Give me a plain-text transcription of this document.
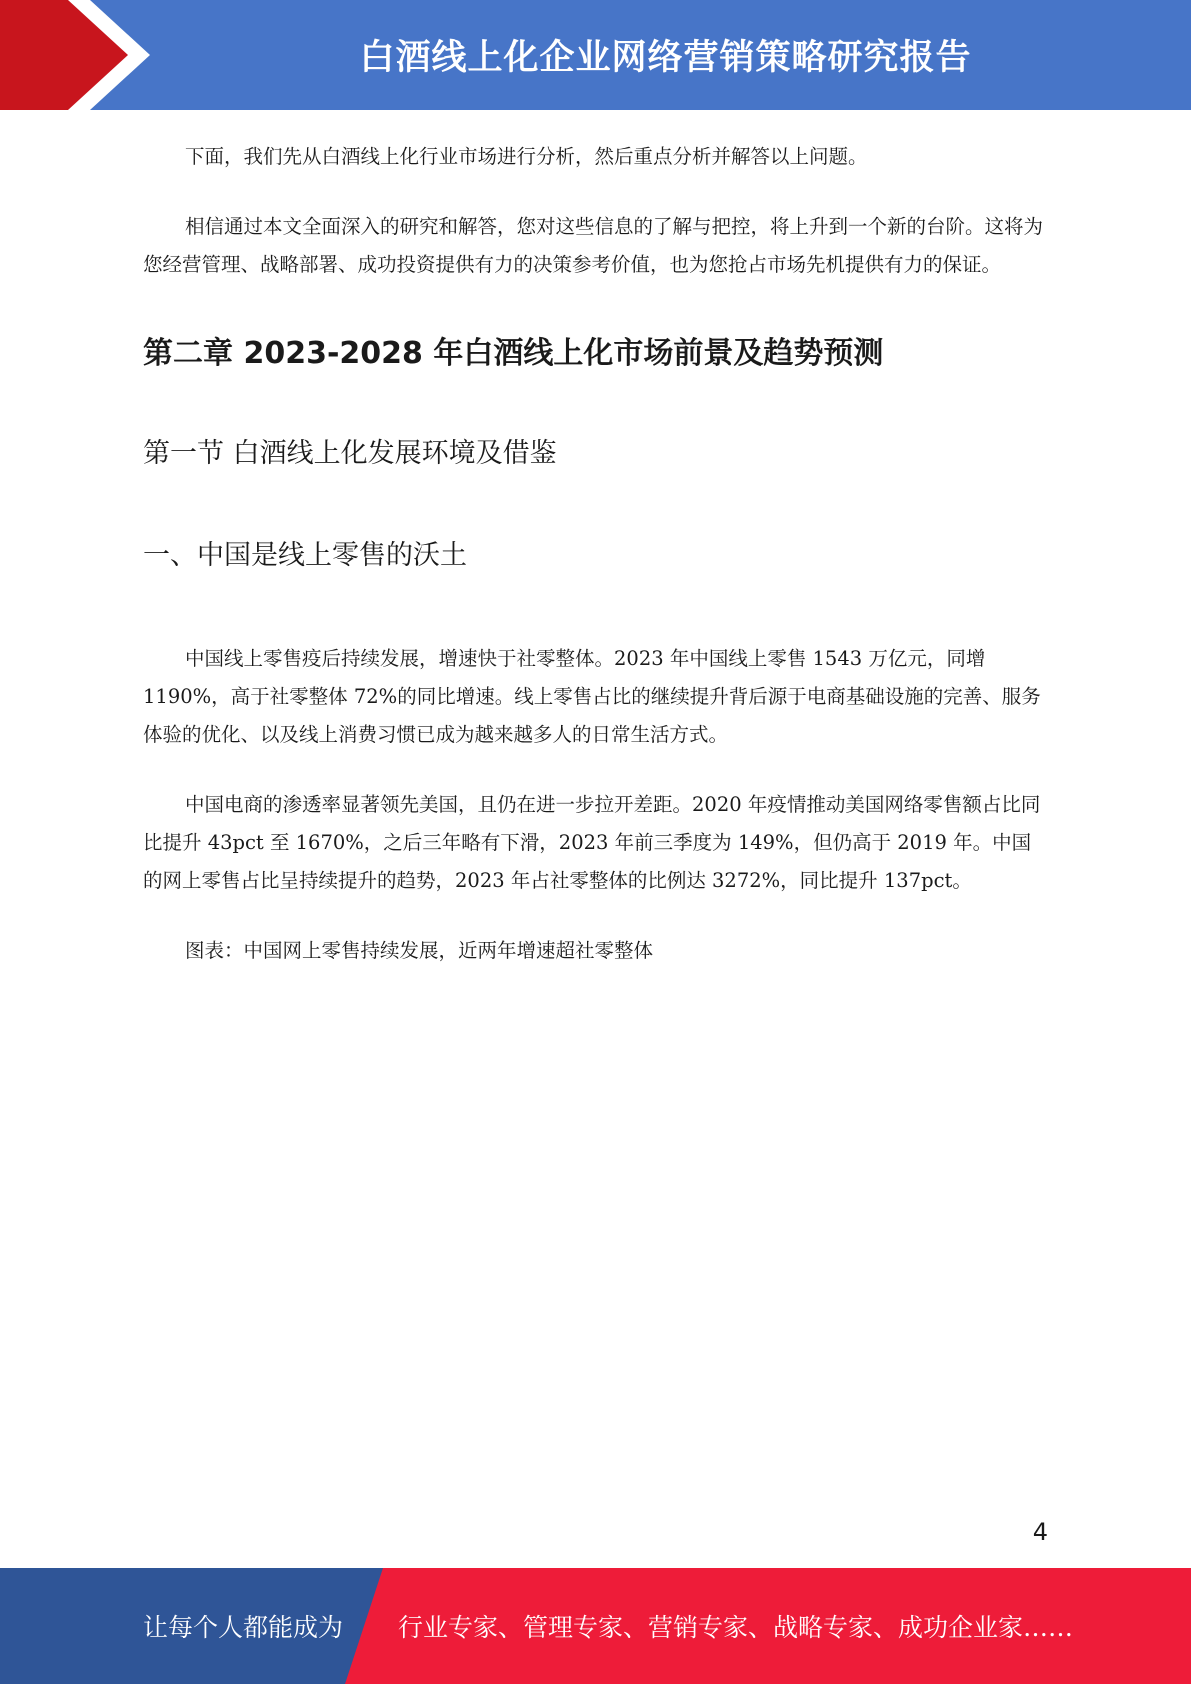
白酒线上化企业网络营销策略研究报告

下面，我们先从白酒线上化行业市场进行分析，然后重点分析并解答以上问题。

相信通过本文全面深入的研究和解答，您对这些信息的了解与把控，将上升到一个新的台阶。这将为您经营管理、战略部署、成功投资提供有力的决策参考价值，也为您抢占市场先机提供有力的保证。

第二章 2023-2028 年白酒线上化市场前景及趋势预测
第一节 白酒线上化发展环境及借鉴
一、中国是线上零售的沃土

中国线上零售疫后持续发展，增速快于社零整体。2023 年中国线上零售 1543 万亿元，同增 1190%，高于社零整体 72%的同比增速。线上零售占比的继续提升背后源于电商基础设施的完善、服务体验的优化、以及线上消费习惯已成为越来越多人的日常生活方式。

中国电商的渗透率显著领先美国，且仍在进一步拉开差距。2020 年疫情推动美国网络零售额占比同比提升 43pct 至 1670%，之后三年略有下滑，2023 年前三季度为 149%，但仍高于 2019 年。中国的网上零售占比呈持续提升的趋势，2023 年占社零整体的比例达 3272%，同比提升 137pct。

图表：中国网上零售持续发展，近两年增速超社零整体

4
让每个人都能成为 行业专家、管理专家、营销专家、战略专家、成功企业家……
